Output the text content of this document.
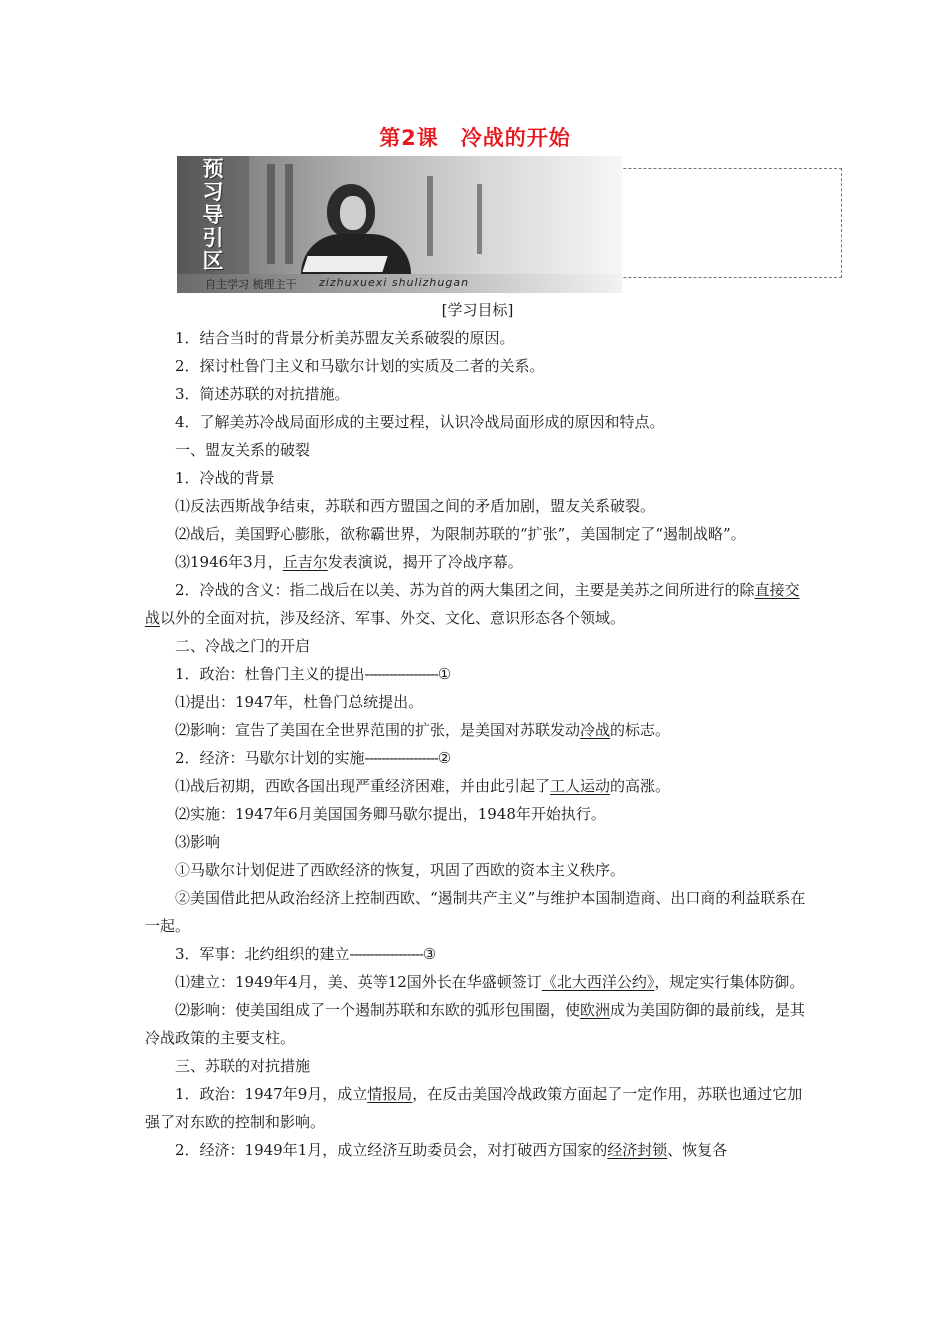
第2课　冷战的开始
预
习
导
引
区
自主学习 梳理主干 zizhuxuexi shulizhugan
[学习目标]

1．结合当时的背景分析美苏盟友关系破裂的原因。

2．探讨杜鲁门主义和马歇尔计划的实质及二者的关系。

3．简述苏联的对抗措施。

4．了解美苏冷战局面形成的主要过程，认识冷战局面形成的原因和特点。

一、盟友关系的破裂

1．冷战的背景

⑴反法西斯战争结束，苏联和西方盟国之间的矛盾加剧，盟友关系破裂。

⑵战后，美国野心膨胀，欲称霸世界，为限制苏联的“扩张”，美国制定了“遏制战略”。

⑶1946年3月，丘吉尔发表演说，揭开了冷战序幕。

2．冷战的含义：指二战后在以美、苏为首的两大集团之间，主要是美苏之间所进行的除直接交战以外的全面对抗，涉及经济、军事、外交、文化、意识形态各个领域。

二、冷战之门的开启

1．政治：杜鲁门主义的提出------------------①

⑴提出：1947年，杜鲁门总统提出。

⑵影响：宣告了美国在全世界范围的扩张，是美国对苏联发动冷战的标志。

2．经济：马歇尔计划的实施------------------②

⑴战后初期，西欧各国出现严重经济困难，并由此引起了工人运动的高涨。

⑵实施：1947年6月美国国务卿马歇尔提出，1948年开始执行。

⑶影响

①马歇尔计划促进了西欧经济的恢复，巩固了西欧的资本主义秩序。

②美国借此把从政治经济上控制西欧、“遏制共产主义”与维护本国制造商、出口商的利益联系在一起。

3．军事：北约组织的建立------------------③

⑴建立：1949年4月，美、英等12国外长在华盛顿签订《北大西洋公约》，规定实行集体防御。

⑵影响：使美国组成了一个遏制苏联和东欧的弧形包围圈，使欧洲成为美国防御的最前线，是其冷战政策的主要支柱。

三、苏联的对抗措施

1．政治：1947年9月，成立情报局，在反击美国冷战政策方面起了一定作用，苏联也通过它加强了对东欧的控制和影响。

2．经济：1949年1月，成立经济互助委员会，对打破西方国家的经济封锁、恢复各
